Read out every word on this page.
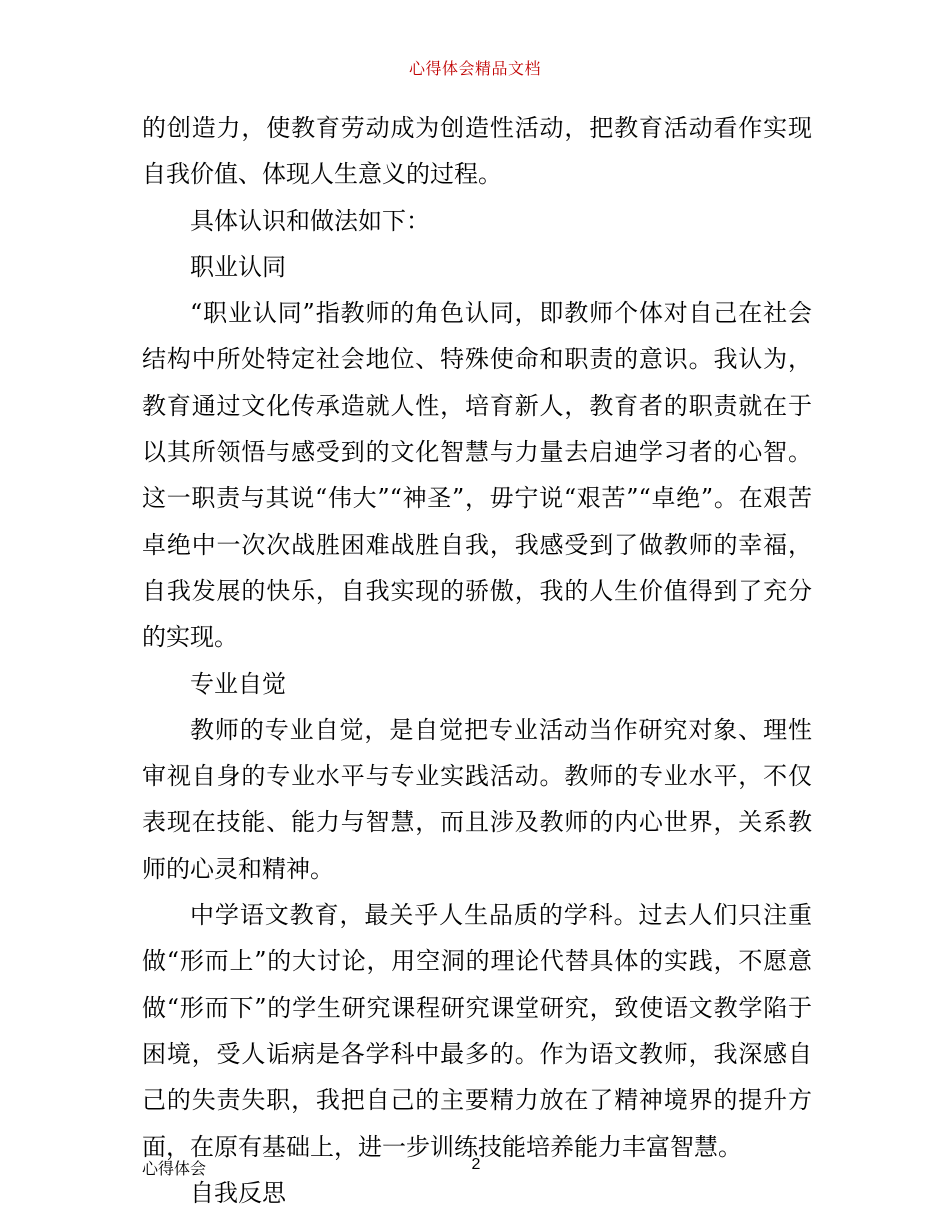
心得体会精品文档

的创造力，使教育劳动成为创造性活动，把教育活动看作实现自我价值、体现人生意义的过程。

具体认识和做法如下：

职业认同

“职业认同”指教师的角色认同，即教师个体对自己在社会结构中所处特定社会地位、特殊使命和职责的意识。我认为，教育通过文化传承造就人性，培育新人，教育者的职责就在于以其所领悟与感受到的文化智慧与力量去启迪学习者的心智。这一职责与其说“伟大”“神圣”，毋宁说“艰苦”“卓绝”。在艰苦卓绝中一次次战胜困难战胜自我，我感受到了做教师的幸福，自我发展的快乐，自我实现的骄傲，我的人生价值得到了充分的实现。

专业自觉

教师的专业自觉，是自觉把专业活动当作研究对象、理性审视自身的专业水平与专业实践活动。教师的专业水平，不仅表现在技能、能力与智慧，而且涉及教师的内心世界，关系教师的心灵和精神。

中学语文教育，最关乎人生品质的学科。过去人们只注重做“形而上”的大讨论，用空洞的理论代替具体的实践，不愿意做“形而下”的学生研究课程研究课堂研究，致使语文教学陷于困境，受人诟病是各学科中最多的。作为语文教师，我深感自己的失责失职，我把自己的主要精力放在了精神境界的提升方面，在原有基础上，进一步训练技能培养能力丰富智慧。

自我反思

心得体会	2
